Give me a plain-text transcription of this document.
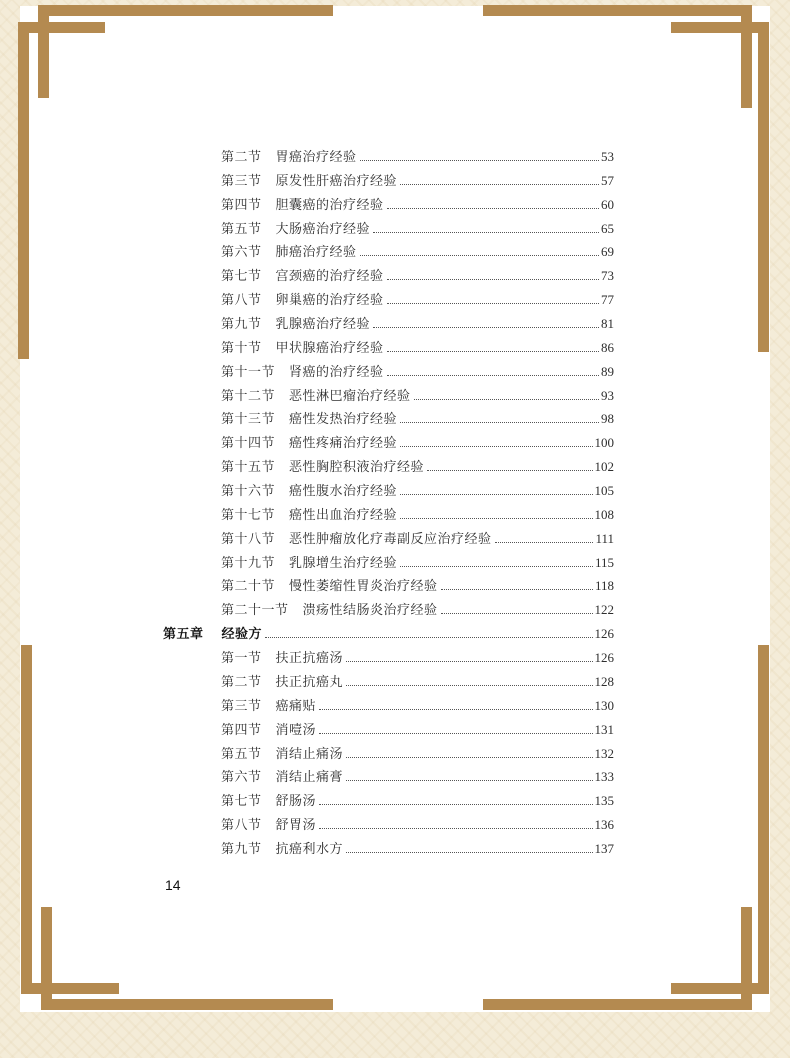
第二节 胃癌治疗经验	53
第三节 原发性肝癌治疗经验	57
第四节 胆囊癌的治疗经验	60
第五节 大肠癌治疗经验	65
第六节 肺癌治疗经验	69
第七节 宫颈癌的治疗经验	73
第八节 卵巢癌的治疗经验	77
第九节 乳腺癌治疗经验	81
第十节 甲状腺癌治疗经验	86
第十一节 肾癌的治疗经验	89
第十二节 恶性淋巴瘤治疗经验	93
第十三节 癌性发热治疗经验	98
第十四节 癌性疼痛治疗经验	100
第十五节 恶性胸腔积液治疗经验	102
第十六节 癌性腹水治疗经验	105
第十七节 癌性出血治疗经验	108
第十八节 恶性肿瘤放化疗毒副反应治疗经验	111
第十九节 乳腺增生治疗经验	115
第二十节 慢性萎缩性胃炎治疗经验	118
第二十一节 溃疡性结肠炎治疗经验	122
第五章 经验方	126
第一节 扶正抗癌汤	126
第二节 扶正抗癌丸	128
第三节 癌痛贴	130
第四节 消噎汤	131
第五节 消结止痛汤	132
第六节 消结止痛膏	133
第七节 舒肠汤	135
第八节 舒胃汤	136
第九节 抗癌利水方	137
14
